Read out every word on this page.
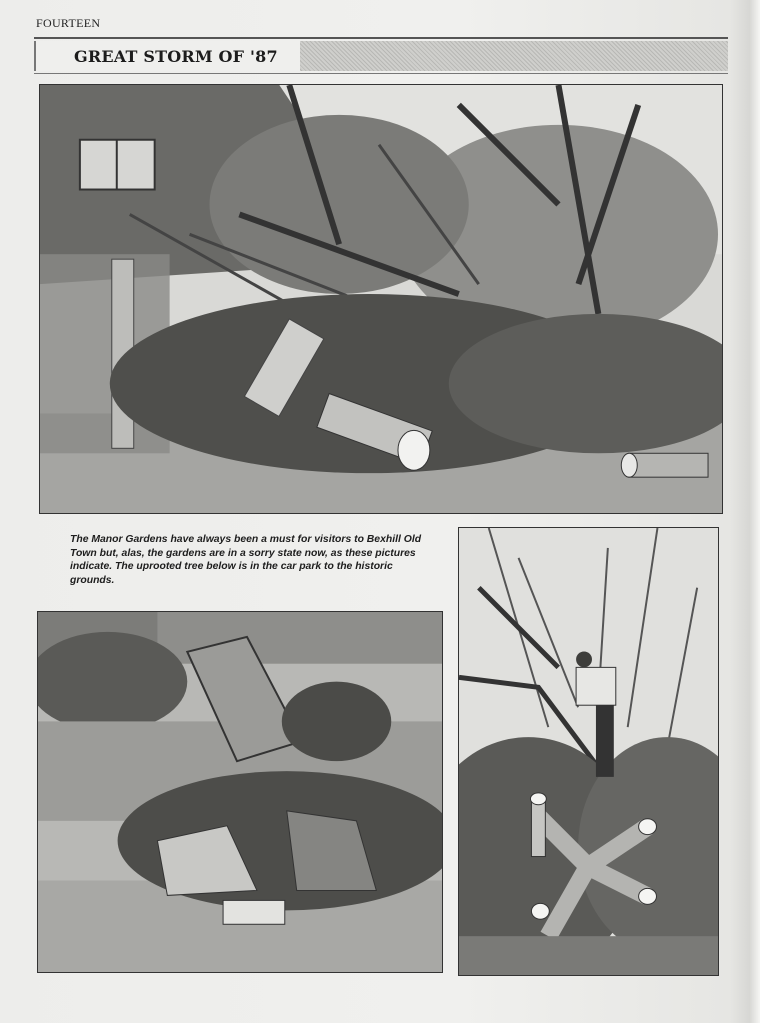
FOURTEEN
GREAT STORM OF '87
The Manor Gardens have always been a must for visitors to Bexhill Old Town but, alas, the gardens are in a sorry state now, as these pictures indicate. The uprooted tree below is in the car park to the historic grounds.
